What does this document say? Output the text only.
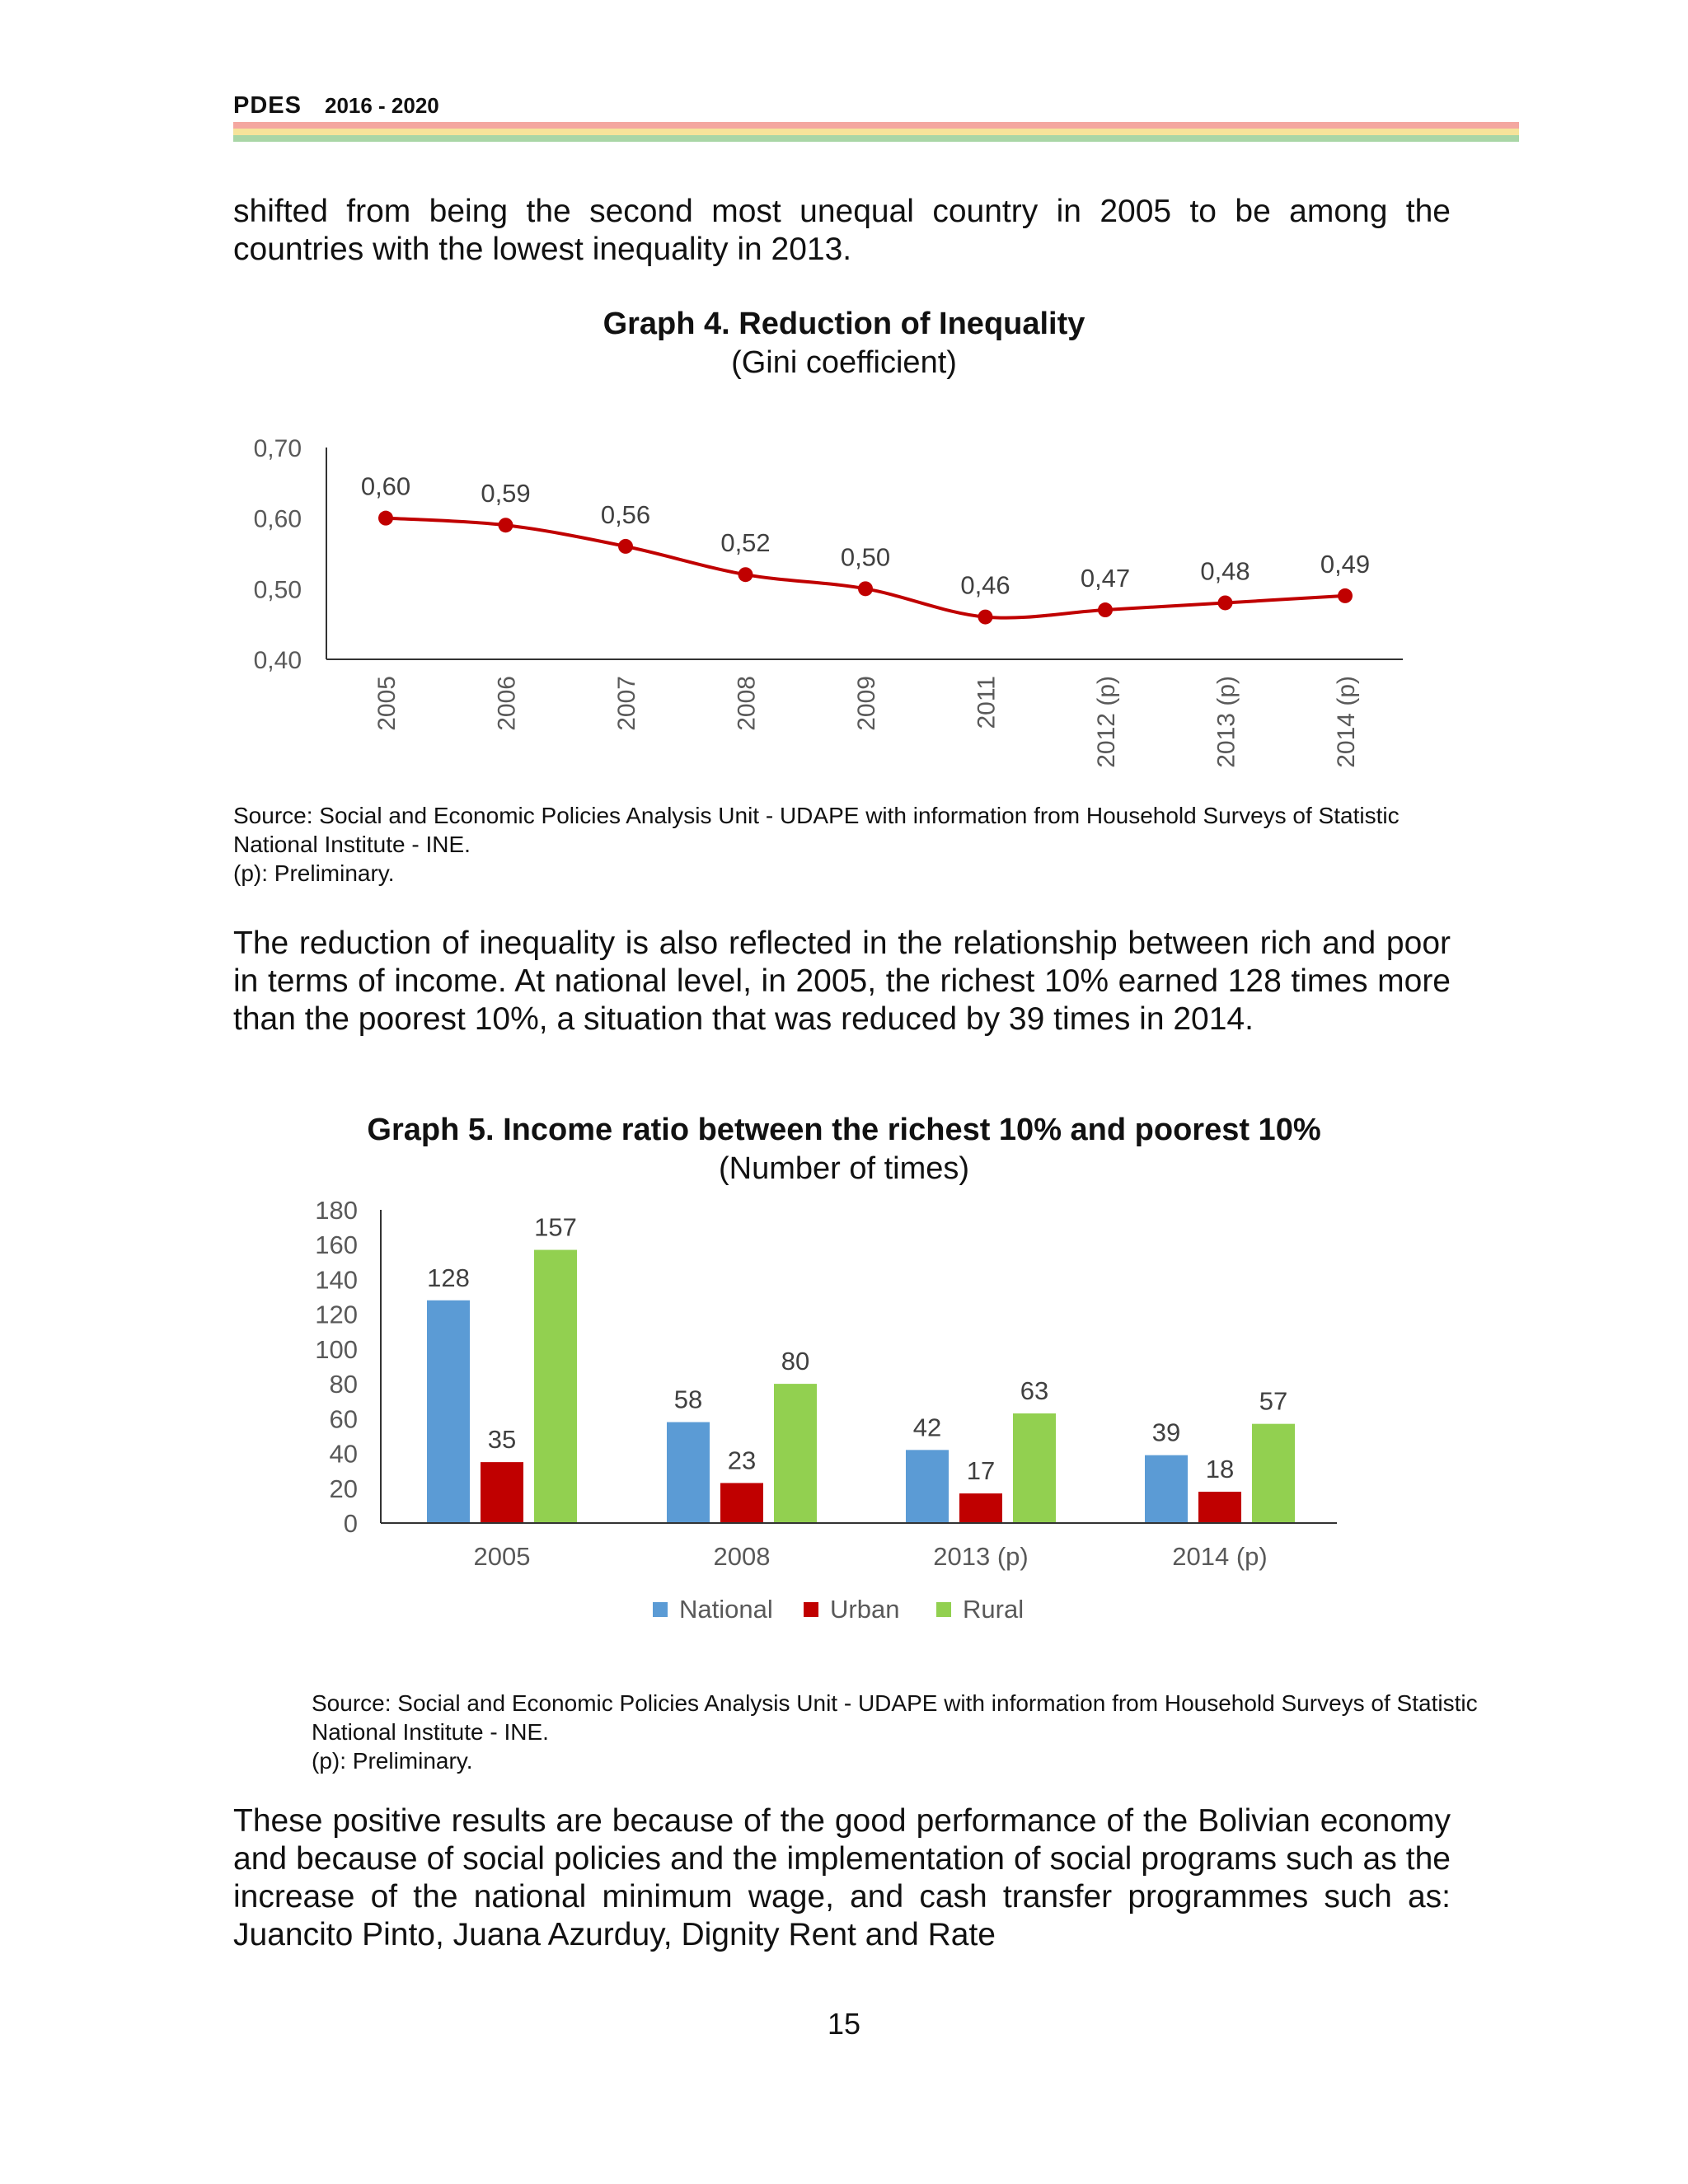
PDES 2016 - 2020

shifted from being the second most unequal country in 2005 to be among the countries with the lowest inequality in 2013.

Graph 4. Reduction of Inequality
(Gini coefficient)
0,40
0,50
0,60
0,70
0,60
2005
0,59
2006
0,56
2007
0,52
2008
0,50
2009
0,46
2011
0,47
2012 (p)
0,48
2013 (p)
0,49
2014 (p)
Source: Social and Economic Policies Analysis Unit - UDAPE with information from Household Surveys of Statistic National Institute - INE.
(p): Preliminary.

The reduction of inequality is also reflected in the relationship between rich and poor in terms of income. At national level, in 2005, the richest 10% earned 128 times more than the poorest 10%, a situation that was reduced by 39 times in 2014.

Graph 5. Income ratio between the richest 10% and poorest 10%
(Number of times)
0
20
40
60
80
100
120
140
160
180
128
35
157
2005
58
23
80
2008
42
17
63
2013 (p)
39
18
57
2014 (p)
National Urban Rural
Source: Social and Economic Policies Analysis Unit - UDAPE with information from Household Surveys of Statistic National Institute - INE.
(p): Preliminary.

These positive results are because of the good performance of the Bolivian economy and because of social policies and the implementation of social programs such as the increase of the national minimum wage, and cash transfer programmes such as: Juancito Pinto, Juana Azurduy, Dignity Rent and Rate

15
